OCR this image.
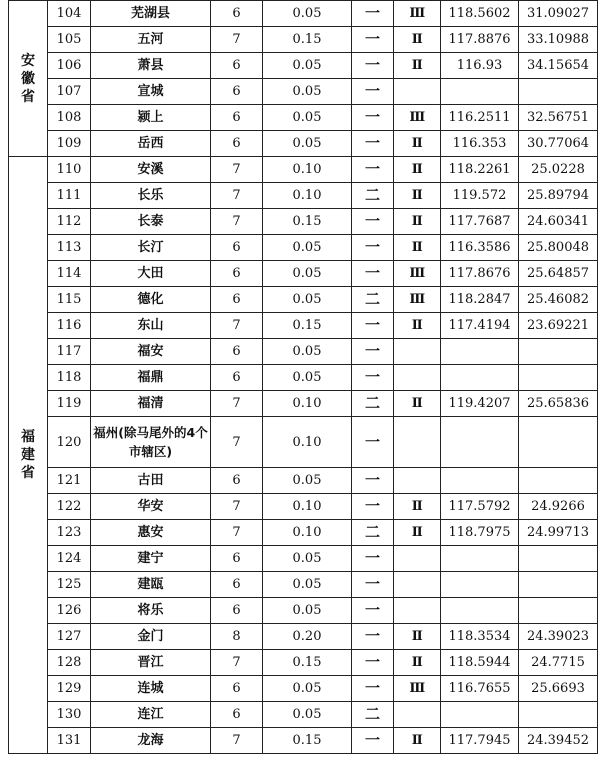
安徽省	104	芜湖县	6	0.05	一	Ⅲ	118.5602	31.09027
	105	五河	7	0.15	一	Ⅱ	117.8876	33.10988
	106	萧县	6	0.05	一	Ⅱ	116.93	34.15654
	107	宣城	6	0.05	一			
	108	颍上	6	0.05	一	Ⅲ	116.2511	32.56751
	109	岳西	6	0.05	一	Ⅱ	116.353	30.77064
福建省	110	安溪	7	0.10	一	Ⅱ	118.2261	25.0228
	111	长乐	7	0.10	二	Ⅱ	119.572	25.89794
	112	长泰	7	0.15	一	Ⅱ	117.7687	24.60341
	113	长汀	6	0.05	一	Ⅱ	116.3586	25.80048
	114	大田	6	0.05	一	Ⅲ	117.8676	25.64857
	115	德化	6	0.05	二	Ⅲ	118.2847	25.46082
	116	东山	7	0.15	一	Ⅱ	117.4194	23.69221
	117	福安	6	0.05	一			
	118	福鼎	6	0.05	一			
	119	福清	7	0.10	二	Ⅱ	119.4207	25.65836
	120	福州(除马尾外的4个市辖区)	7	0.10	一			
	121	古田	6	0.05	一			
	122	华安	7	0.10	一	Ⅱ	117.5792	24.9266
	123	惠安	7	0.10	二	Ⅱ	118.7975	24.99713
	124	建宁	6	0.05	一			
	125	建瓯	6	0.05	一			
	126	将乐	6	0.05	一			
	127	金门	8	0.20	一	Ⅱ	118.3534	24.39023
	128	晋江	7	0.15	一	Ⅱ	118.5944	24.7715
	129	连城	6	0.05	一	Ⅲ	116.7655	25.6693
	130	连江	6	0.05	二			
	131	龙海	7	0.15	一	Ⅱ	117.7945	24.39452
